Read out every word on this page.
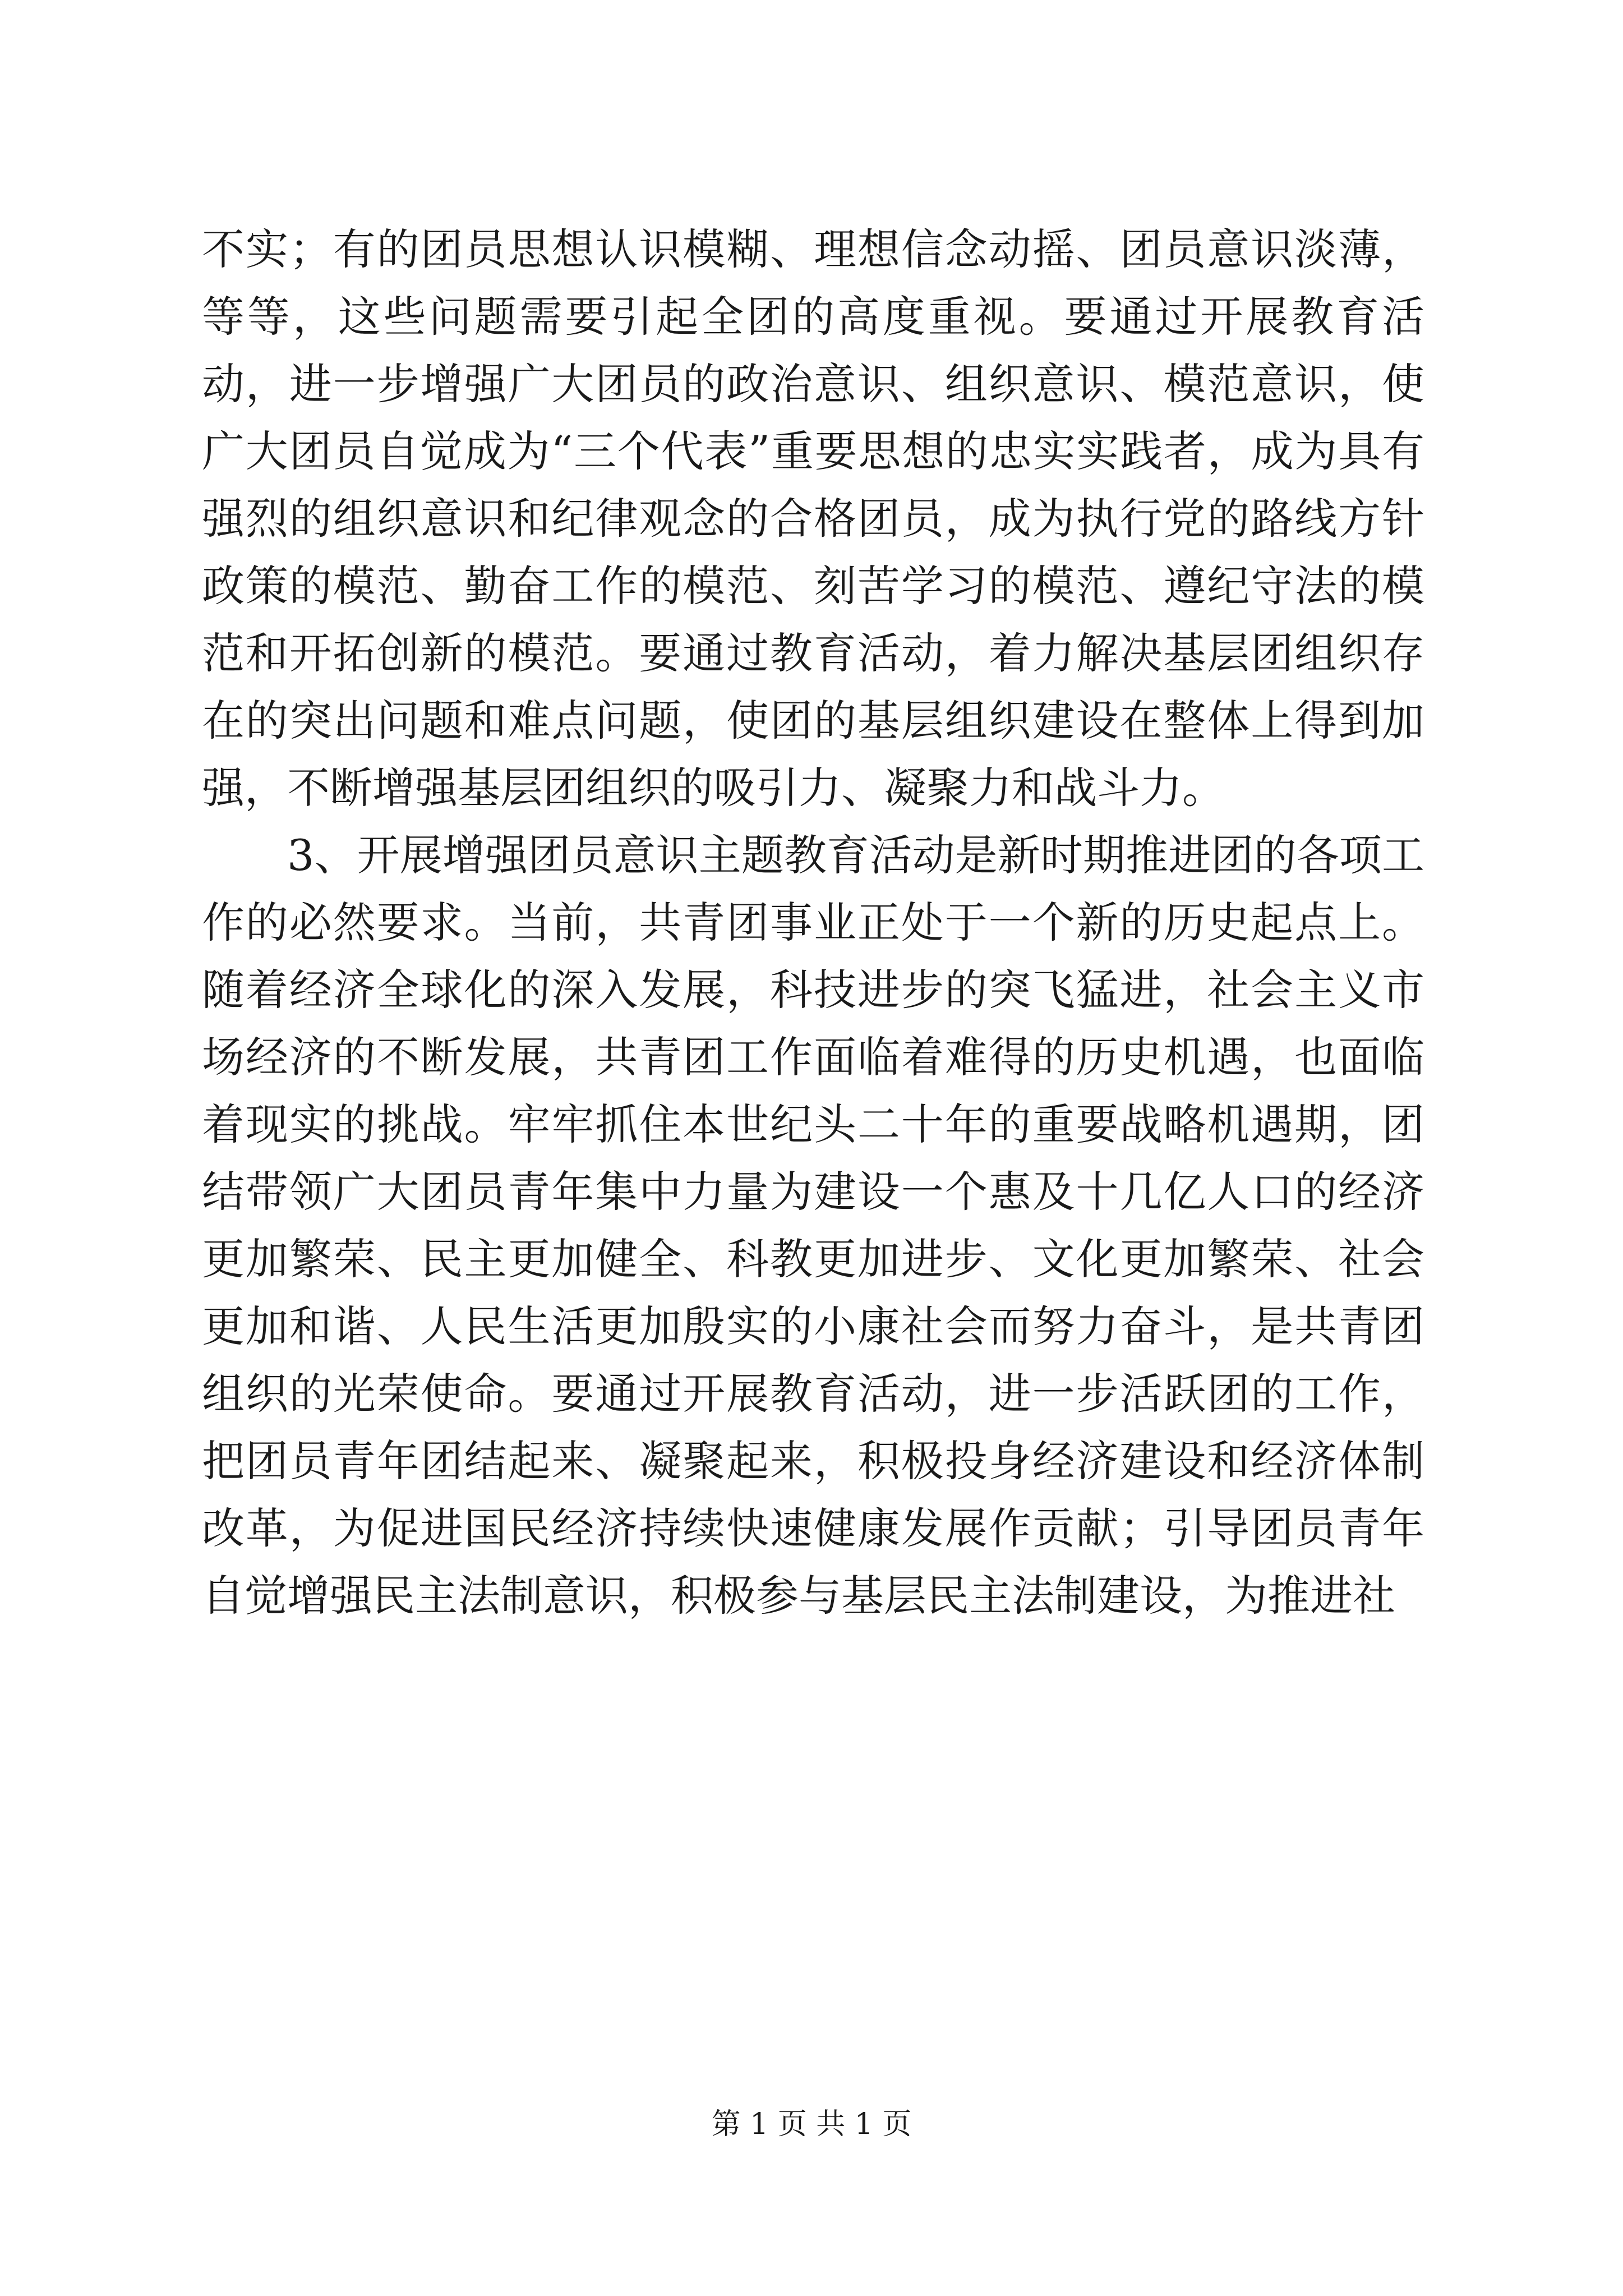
不实；有的团员思想认识模糊、理想信念动摇、团员意识淡薄，等等，这些问题需要引起全团的高度重视。要通过开展教育活动，进一步增强广大团员的政治意识、组织意识、模范意识，使广大团员自觉成为“三个代表”重要思想的忠实实践者，成为具有强烈的组织意识和纪律观念的合格团员，成为执行党的路线方针政策的模范、勤奋工作的模范、刻苦学习的模范、遵纪守法的模范和开拓创新的模范。要通过教育活动，着力解决基层团组织存在的突出问题和难点问题，使团的基层组织建设在整体上得到加强，不断增强基层团组织的吸引力、凝聚力和战斗力。

3、开展增强团员意识主题教育活动是新时期推进团的各项工作的必然要求。当前，共青团事业正处于一个新的历史起点上。随着经济全球化的深入发展，科技进步的突飞猛进，社会主义市场经济的不断发展，共青团工作面临着难得的历史机遇，也面临着现实的挑战。牢牢抓住本世纪头二十年的重要战略机遇期，团结带领广大团员青年集中力量为建设一个惠及十几亿人口的经济更加繁荣、民主更加健全、科教更加进步、文化更加繁荣、社会更加和谐、人民生活更加殷实的小康社会而努力奋斗，是共青团组织的光荣使命。要通过开展教育活动，进一步活跃团的工作，把团员青年团结起来、凝聚起来，积极投身经济建设和经济体制改革，为促进国民经济持续快速健康发展作贡献；引导团员青年自觉增强民主法制意识，积极参与基层民主法制建设，为推进社

第 1 页 共 1 页
